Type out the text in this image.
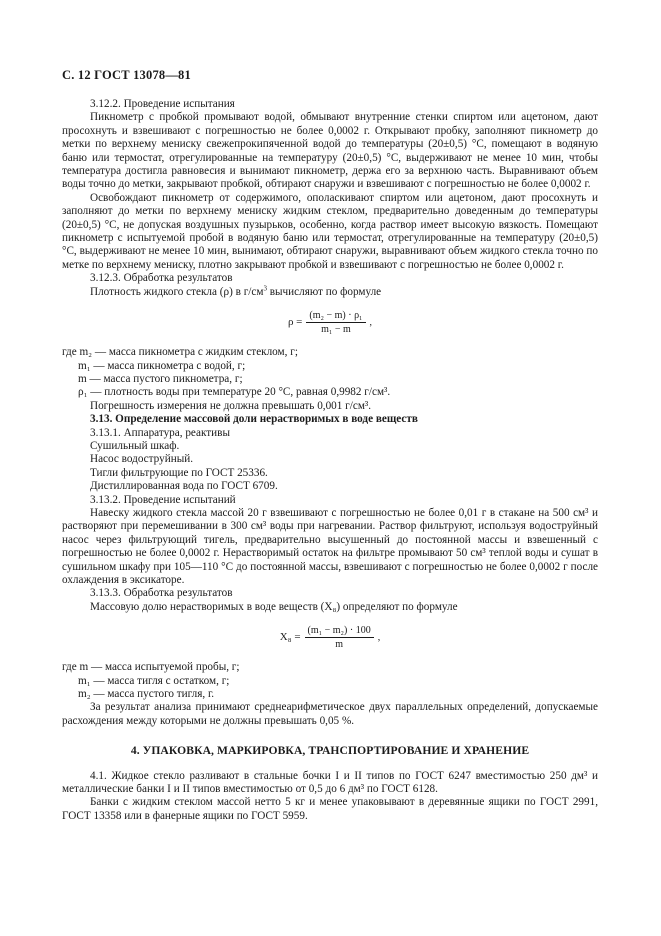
С. 12 ГОСТ 13078—81

3.12.2. Проведение испытания

Пикнометр с пробкой промывают водой, обмывают внутренние стенки спиртом или ацетоном, дают просохнуть и взвешивают с погрешностью не более 0,0002 г. Открывают пробку, заполняют пикнометр до метки по верхнему мениску свежепрокипяченной водой до температуры (20±0,5) °С, помещают в водяную баню или термостат, отрегулированные на температуру (20±0,5) °С, выдерживают не менее 10 мин, чтобы температура достигла равновесия и вынимают пикнометр, держа его за верхнюю часть. Выравнивают объем воды точно до метки, закрывают пробкой, обтирают снаружи и взвешивают с погрешностью не более 0,0002 г.

Освобождают пикнометр от содержимого, ополаскивают спиртом или ацетоном, дают просохнуть и заполняют до метки по верхнему мениску жидким стеклом, предварительно доведенным до температуры (20±0,5) °С, не допуская воздушных пузырьков, особенно, когда раствор имеет высокую вязкость. Помещают пикнометр с испытуемой пробой в водяную баню или термостат, отрегулированные на температуру (20±0,5) °С, выдерживают не менее 10 мин, вынимают, обтирают снаружи, выравнивают объем жидкого стекла точно по метке по верхнему мениску, плотно закрывают пробкой и взвешивают с погрешностью не более 0,0002 г.

3.12.3. Обработка результатов

Плотность жидкого стекла (ρ) в $г/см^3$ вычисляют по формуле

$\rho = \frac{\text{(m₂ − m) · ρ₁}}{\text{m₁ − m}}$ ,

где m₂ — масса пикнометра с жидким стеклом, г;

m₁ — масса пикнометра с водой, г;

m — масса пустого пикнометра, г;

ρ₁ — плотность воды при температуре 20 °С, равная 0,9982 г/см³.

Погрешность измерения не должна превышать 0,001 г/см³.

3.13. Определение массовой доли нерастворимых в воде веществ

3.13.1. Аппаратура, реактивы

Сушильный шкаф.

Насос водоструйный.

Тигли фильтрующие по ГОСТ 25336.

Дистиллированная вода по ГОСТ 6709.

3.13.2. Проведение испытаний

Навеску жидкого стекла массой 20 г взвешивают с погрешностью не более 0,01 г в стакане на 500 см³ и растворяют при перемешивании в 300 см³ воды при нагревании. Раствор фильтруют, используя водоструйный насос через фильтрующий тигель, предварительно высушенный до постоянной массы и взвешенный с погрешностью не более 0,0002 г. Нерастворимый остаток на фильтре промывают 50 см³ теплой воды и сушат в сушильном шкафу при 105—110 °С до постоянной массы, взвешивают с погрешностью не более 0,0002 г после охлаждения в эксикаторе.

3.13.3. Обработка результатов

Массовую долю нерастворимых в воде веществ (X₈) определяют по формуле

$X_8 = \frac{\text{(m₁ − m₂) · 100}}{m}$ ,

где m — масса испытуемой пробы, г;

m₁ — масса тигля с остатком, г;

m₂ — масса пустого тигля, г.

За результат анализа принимают среднеарифметическое двух параллельных определений, допускаемые расхождения между которыми не должны превышать 0,05 %.

4. УПАКОВКА, МАРКИРОВКА, ТРАНСПОРТИРОВАНИЕ И ХРАНЕНИЕ

4.1. Жидкое стекло разливают в стальные бочки I и II типов по ГОСТ 6247 вместимостью 250 дм³ и металлические банки I и II типов вместимостью от 0,5 до 6 дм³ по ГОСТ 6128.

Банки с жидким стеклом массой нетто 5 кг и менее упаковывают в деревянные ящики по ГОСТ 2991, ГОСТ 13358 или в фанерные ящики по ГОСТ 5959.
